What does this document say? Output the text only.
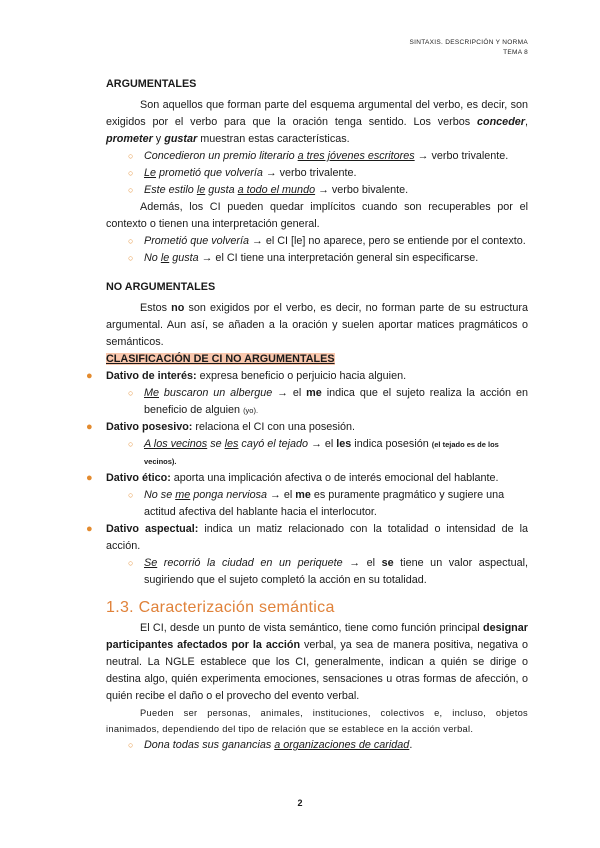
SINTAXIS. DESCRIPCIÓN Y NORMA
TEMA 8
ARGUMENTALES

Son aquellos que forman parte del esquema argumental del verbo, es decir, son exigidos por el verbo para que la oración tenga sentido. Los verbos conceder, prometer y gustar muestran estas características.

○ Concedieron un premio literario a tres jóvenes escritores → verbo trivalente.
○ Le prometió que volvería → verbo trivalente.
○ Este estilo le gusta a todo el mundo → verbo bivalente.

Además, los CI pueden quedar implícitos cuando son recuperables por el contexto o tienen una interpretación general.

○ Prometió que volvería → el CI [le] no aparece, pero se entiende por el contexto.
○ No le gusta → el CI tiene una interpretación general sin especificarse.
NO ARGUMENTALES

Estos no son exigidos por el verbo, es decir, no forman parte de su estructura argumental. Aun así, se añaden a la oración y suelen aportar matices pragmáticos o semánticos.

CLASIFICACIÓN DE CI NO ARGUMENTALES
● Dativo de interés: expresa beneficio o perjuicio hacia alguien.
○ Me buscaron un albergue → el me indica que el sujeto realiza la acción en beneficio de alguien (yo).
● Dativo posesivo: relaciona el CI con una posesión.
○ A los vecinos se les cayó el tejado → el les indica posesión (el tejado es de los vecinos).
● Dativo ético: aporta una implicación afectiva o de interés emocional del hablante.
○ No se me ponga nerviosa → el me es puramente pragmático y sugiere una actitud afectiva del hablante hacia el interlocutor.
● Dativo aspectual: indica un matiz relacionado con la totalidad o intensidad de la acción.
○ Se recorrió la ciudad en un periquete → el se tiene un valor aspectual, sugiriendo que el sujeto completó la acción en su totalidad.
1.3. Caracterización semántica

El CI, desde un punto de vista semántico, tiene como función principal designar participantes afectados por la acción verbal, ya sea de manera positiva, negativa o neutral. La NGLE establece que los CI, generalmente, indican a quién se dirige o destina algo, quién experimenta emociones, sensaciones u otras formas de afección, o quién recibe el daño o el provecho del evento verbal.

Pueden ser personas, animales, instituciones, colectivos e, incluso, objetos inanimados, dependiendo del tipo de relación que se establece en la acción verbal.

○ Dona todas sus ganancias a organizaciones de caridad.
2
